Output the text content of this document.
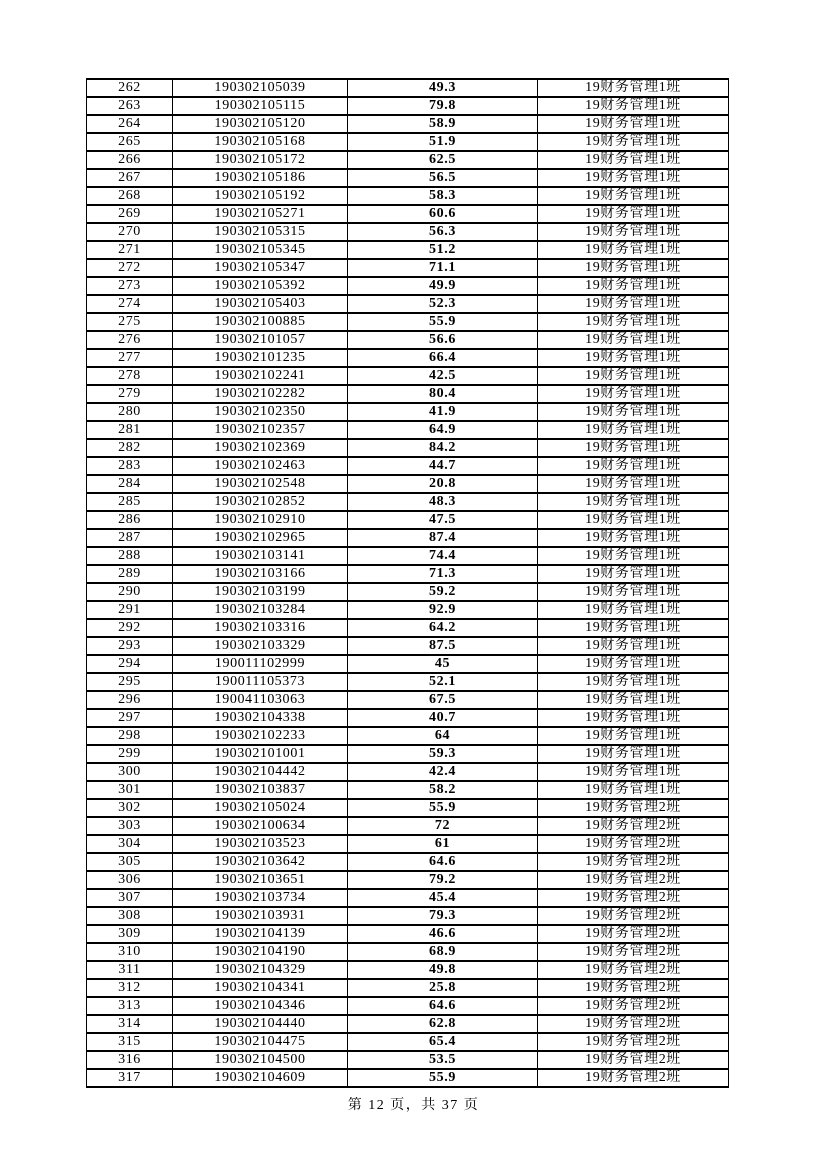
262	190302105039	49.3	19财务管理1班
263	190302105115	79.8	19财务管理1班
264	190302105120	58.9	19财务管理1班
265	190302105168	51.9	19财务管理1班
266	190302105172	62.5	19财务管理1班
267	190302105186	56.5	19财务管理1班
268	190302105192	58.3	19财务管理1班
269	190302105271	60.6	19财务管理1班
270	190302105315	56.3	19财务管理1班
271	190302105345	51.2	19财务管理1班
272	190302105347	71.1	19财务管理1班
273	190302105392	49.9	19财务管理1班
274	190302105403	52.3	19财务管理1班
275	190302100885	55.9	19财务管理1班
276	190302101057	56.6	19财务管理1班
277	190302101235	66.4	19财务管理1班
278	190302102241	42.5	19财务管理1班
279	190302102282	80.4	19财务管理1班
280	190302102350	41.9	19财务管理1班
281	190302102357	64.9	19财务管理1班
282	190302102369	84.2	19财务管理1班
283	190302102463	44.7	19财务管理1班
284	190302102548	20.8	19财务管理1班
285	190302102852	48.3	19财务管理1班
286	190302102910	47.5	19财务管理1班
287	190302102965	87.4	19财务管理1班
288	190302103141	74.4	19财务管理1班
289	190302103166	71.3	19财务管理1班
290	190302103199	59.2	19财务管理1班
291	190302103284	92.9	19财务管理1班
292	190302103316	64.2	19财务管理1班
293	190302103329	87.5	19财务管理1班
294	190011102999	45	19财务管理1班
295	190011105373	52.1	19财务管理1班
296	190041103063	67.5	19财务管理1班
297	190302104338	40.7	19财务管理1班
298	190302102233	64	19财务管理1班
299	190302101001	59.3	19财务管理1班
300	190302104442	42.4	19财务管理1班
301	190302103837	58.2	19财务管理1班
302	190302105024	55.9	19财务管理2班
303	190302100634	72	19财务管理2班
304	190302103523	61	19财务管理2班
305	190302103642	64.6	19财务管理2班
306	190302103651	79.2	19财务管理2班
307	190302103734	45.4	19财务管理2班
308	190302103931	79.3	19财务管理2班
309	190302104139	46.6	19财务管理2班
310	190302104190	68.9	19财务管理2班
311	190302104329	49.8	19财务管理2班
312	190302104341	25.8	19财务管理2班
313	190302104346	64.6	19财务管理2班
314	190302104440	62.8	19财务管理2班
315	190302104475	65.4	19财务管理2班
316	190302104500	53.5	19财务管理2班
317	190302104609	55.9	19财务管理2班
第 12 页，共 37 页
